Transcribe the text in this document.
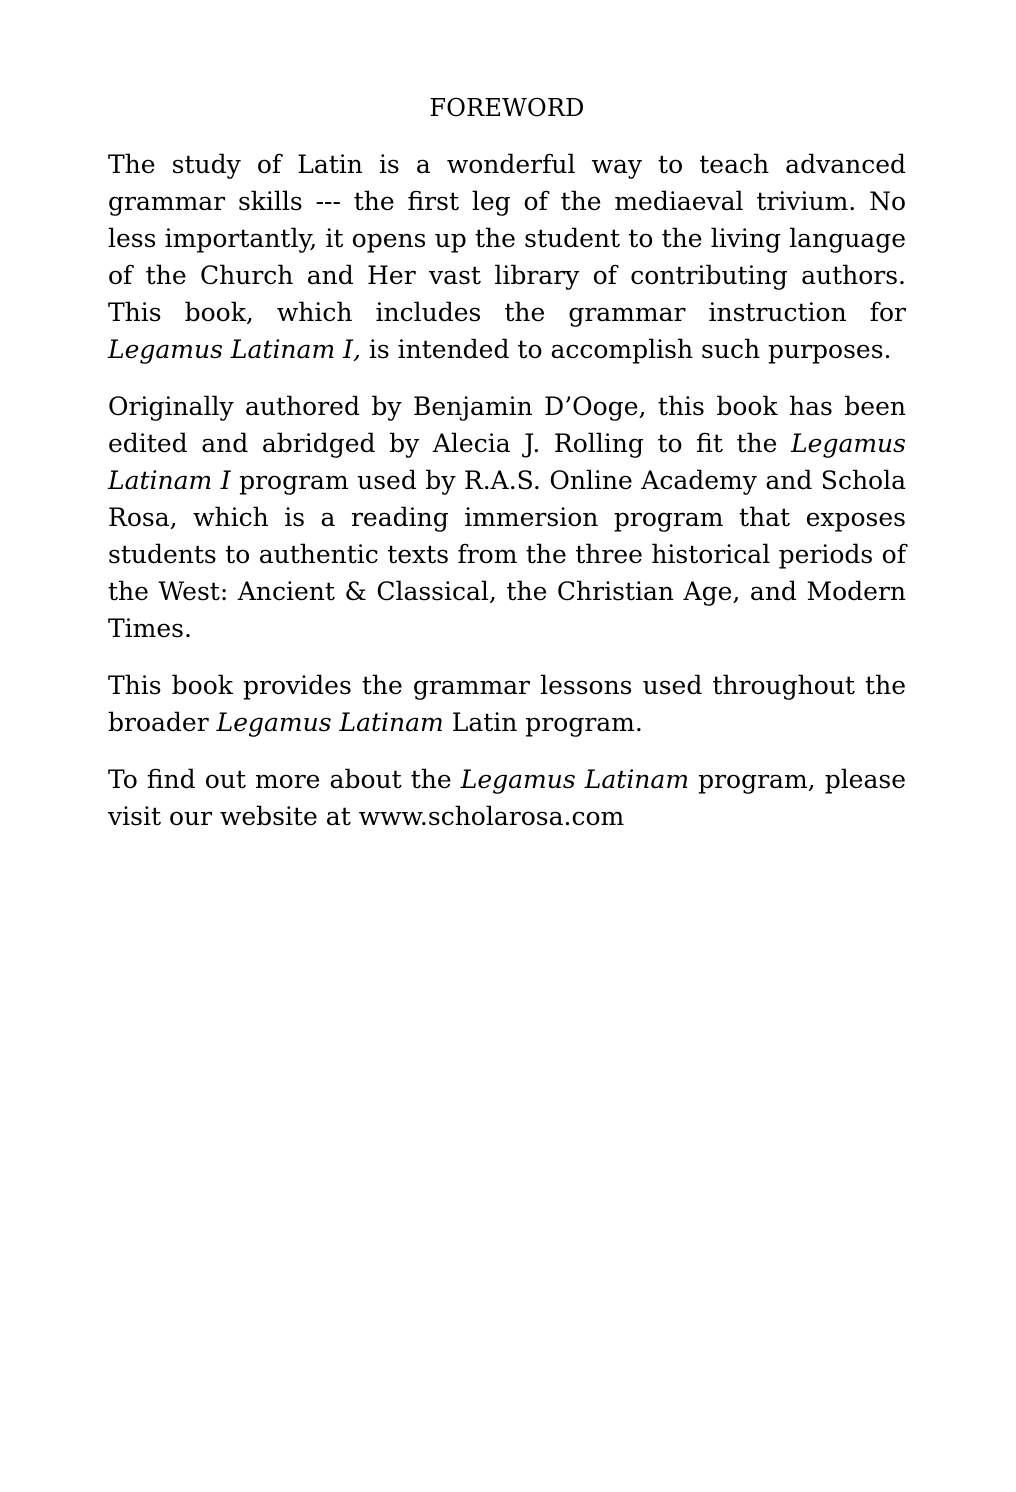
FOREWORD

The study of Latin is a wonderful way to teach advanced grammar skills --- the first leg of the mediaeval trivium. No less importantly, it opens up the student to the living language of the Church and Her vast library of contributing authors. This book, which includes the grammar instruction for Legamus Latinam I, is intended to accomplish such purposes.

Originally authored by Benjamin D’Ooge, this book has been edited and abridged by Alecia J. Rolling to fit the Legamus Latinam I program used by R.A.S. Online Academy and Schola Rosa, which is a reading immersion program that exposes students to authentic texts from the three historical periods of the West: Ancient & Classical, the Christian Age, and Modern Times.

This book provides the grammar lessons used throughout the broader Legamus Latinam Latin program.

To find out more about the Legamus Latinam program, please visit our website at www.scholarosa.com
